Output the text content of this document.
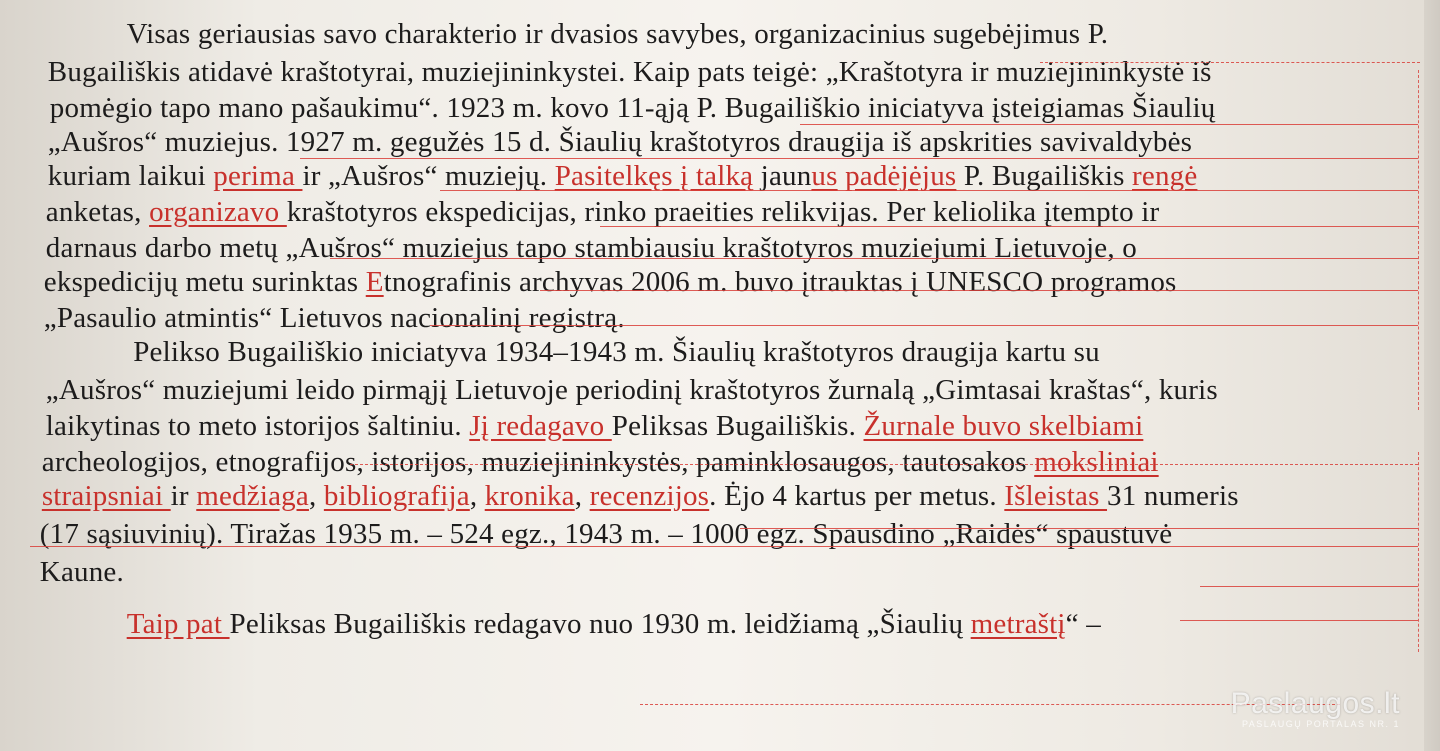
Visas geriausias savo charakterio ir dvasios savybes, organizacinius sugebėjimus P.
Bugailiškis atidavė kraštotyrai, muziejininkystei. Kaip pats teigė: „Kraštotyra ir muziejininkystė iš
pomėgio tapo mano pašaukimu“. 1923 m. kovo 11-ąją P. Bugailiškio iniciatyva įsteigiamas Šiaulių
„Aušros“ muziejus. 1927 m. gegužės 15 d. Šiaulių kraštotyros draugija iš apskrities savivaldybės
kuriam laikui perima ir „Aušros“ muziejų. Pasitelkęs į talką jaunus padėjėjus P. Bugailiškis rengė
anketas, organizavo kraštotyros ekspedicijas, rinko praeities relikvijas. Per keliolika įtempto ir
darnaus darbo metų „Aušros“ muziejus tapo stambiausiu kraštotyros muziejumi Lietuvoje, o
ekspedicijų metu surinktas Etnografinis archyvas 2006 m. buvo įtrauktas į UNESCO programos
„Pasaulio atmintis“ Lietuvos nacionalinį registrą.
Pelikso Bugailiškio iniciatyva 1934–1943 m. Šiaulių kraštotyros draugija kartu su
„Aušros“ muziejumi leido pirmąjį Lietuvoje periodinį kraštotyros žurnalą „Gimtasai kraštas“, kuris
laikytinas to meto istorijos šaltiniu. Jį redagavo Peliksas Bugailiškis. Žurnale buvo skelbiami
archeologijos, etnografijos, istorijos, muziejininkystės, paminklosaugos, tautosakos moksliniai
straipsniai ir medžiaga, bibliografija, kronika, recenzijos. Ėjo 4 kartus per metus. Išleistas 31 numeris
(17 sąsiuvinių). Tiražas 1935 m. – 524 egz., 1943 m. – 1000 egz. Spausdino „Raidės“ spaustuvė
Kaune.
Taip pat Peliksas Bugailiškis redagavo nuo 1930 m. leidžiamą „Šiaulių metraštį“ –
Paslaugos.lt
PASLAUGŲ PORTALAS NR. 1
